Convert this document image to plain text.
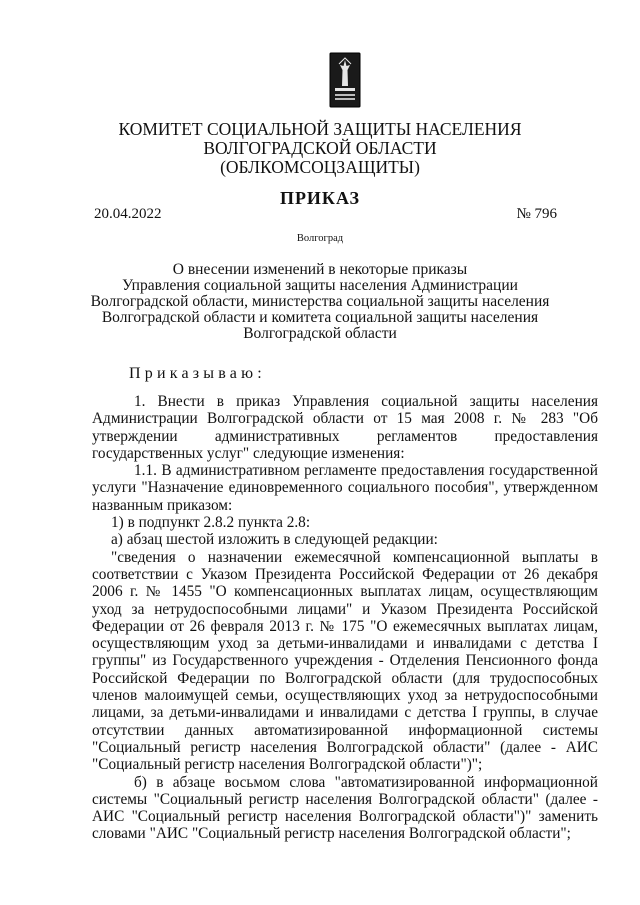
КОМИТЕТ СОЦИАЛЬНОЙ ЗАЩИТЫ НАСЕЛЕНИЯ
ВОЛГОГРАДСКОЙ ОБЛАСТИ
(ОБЛКОМСОЦЗАЩИТЫ)
ПРИКАЗ
20.04.2022	№ 796
Волгоград
О внесении изменений в некоторые приказы
Управления социальной защиты населения Администрации
Волгоградской области, министерства социальной защиты населения
Волгоградской области и комитета социальной защиты населения
Волгоградской области
Приказываю:

1. Внести в приказ Управления социальной защиты населения Администрации Волгоградской области от 15 мая 2008 г. № 283 "Об утверждении административных регламентов предоставления государственных услуг" следующие изменения:

1.1. В административном регламенте предоставления государственной услуги "Назначение единовременного социального пособия", утвержденном названным приказом:

1) в подпункт 2.8.2 пункта 2.8:

а) абзац шестой изложить в следующей редакции:

"сведения о назначении ежемесячной компенсационной выплаты в соответствии с Указом Президента Российской Федерации от 26 декабря 2006 г. № 1455 "О компенсационных выплатах лицам, осуществляющим уход за нетрудоспособными лицами" и Указом Президента Российской Федерации от 26 февраля 2013 г. № 175 "О ежемесячных выплатах лицам, осуществляющим уход за детьми-инвалидами и инвалидами с детства I группы" из Государственного учреждения - Отделения Пенсионного фонда Российской Федерации по Волгоградской области (для трудоспособных членов малоимущей семьи, осуществляющих уход за нетрудоспособными лицами, за детьми-инвалидами и инвалидами с детства I группы, в случае отсутствии данных автоматизированной информационной системы "Социальный регистр населения Волгоградской области" (далее - АИС "Социальный регистр населения Волгоградской области")";

б) в абзаце восьмом слова "автоматизированной информационной системы "Социальный регистр населения Волгоградской области" (далее - АИС "Социальный регистр населения Волгоградской области")" заменить словами "АИС "Социальный регистр населения Волгоградской области";
